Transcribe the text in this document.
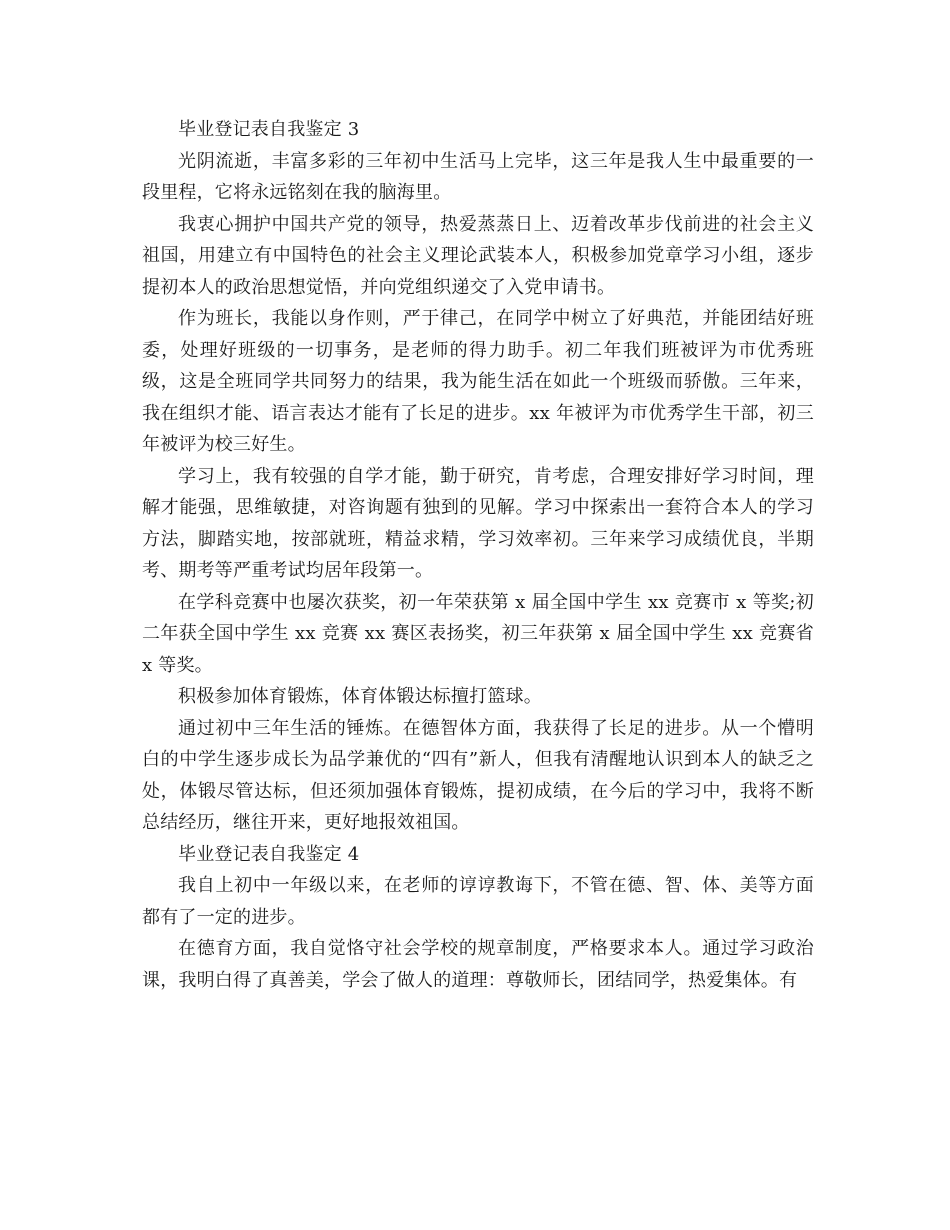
毕业登记表自我鉴定 3

光阴流逝，丰富多彩的三年初中生活马上完毕，这三年是我人生中最重要的一段里程，它将永远铭刻在我的脑海里。

我衷心拥护中国共产党的领导，热爱蒸蒸日上、迈着改革步伐前进的社会主义祖国，用建立有中国特色的社会主义理论武装本人，积极参加党章学习小组，逐步提初本人的政治思想觉悟，并向党组织递交了入党申请书。

作为班长，我能以身作则，严于律己，在同学中树立了好典范，并能团结好班委，处理好班级的一切事务，是老师的得力助手。初二年我们班被评为市优秀班级，这是全班同学共同努力的结果，我为能生活在如此一个班级而骄傲。三年来，我在组织才能、语言表达才能有了长足的进步。xx 年被评为市优秀学生干部，初三年被评为校三好生。

学习上，我有较强的自学才能，勤于研究，肯考虑，合理安排好学习时间，理解才能强，思维敏捷，对咨询题有独到的见解。学习中探索出一套符合本人的学习方法，脚踏实地，按部就班，精益求精，学习效率初。三年来学习成绩优良，半期考、期考等严重考试均居年段第一。

在学科竞赛中也屡次获奖，初一年荣获第 x 届全国中学生 xx 竞赛市 x 等奖;初二年获全国中学生 xx 竞赛 xx 赛区表扬奖，初三年获第 x 届全国中学生 xx 竞赛省 x 等奖。

积极参加体育锻炼，体育体锻达标擅打篮球。

通过初中三年生活的锤炼。在德智体方面，我获得了长足的进步。从一个懵明白的中学生逐步成长为品学兼优的“四有”新人，但我有清醒地认识到本人的缺乏之处，体锻尽管达标，但还须加强体育锻炼，提初成绩，在今后的学习中，我将不断总结经历，继往开来，更好地报效祖国。

毕业登记表自我鉴定 4

我自上初中一年级以来，在老师的谆谆教诲下，不管在德、智、体、美等方面都有了一定的进步。

在德育方面，我自觉恪守社会学校的规章制度，严格要求本人。通过学习政治课，我明白得了真善美，学会了做人的道理：尊敬师长，团结同学，热爱集体。有
